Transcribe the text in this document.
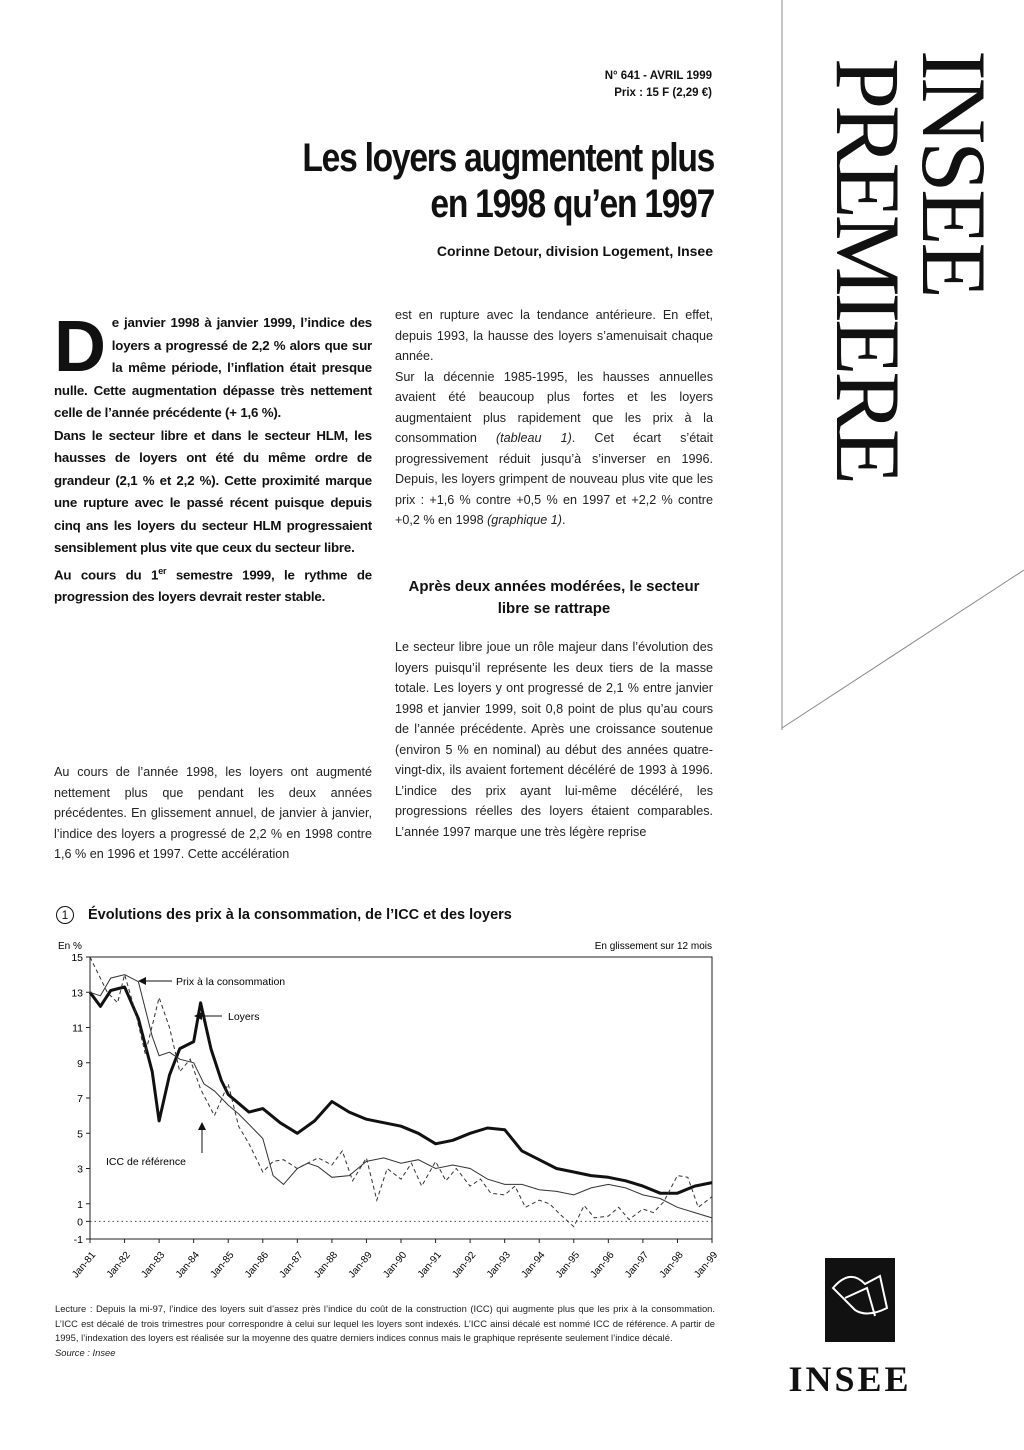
N° 641 - AVRIL 1999
Prix : 15 F (2,29 €) INSEE
PREMIERE
Les loyers augmentent plus
en 1998 qu’en 1997
Corinne Detour, division Logement, Insee
D e janvier 1998 à janvier 1999, l’indice des loyers a progressé de 2,2 % alors que sur la même période, l’inflation était presque nulle. Cette augmentation dépasse très nettement celle de l’année précédente (+ 1,6 %).

Dans le secteur libre et dans le secteur HLM, les hausses de loyers ont été du même ordre de grandeur (2,1 % et 2,2 %). Cette proximité marque une rupture avec le passé récent puisque depuis cinq ans les loyers du secteur HLM progressaient sensiblement plus vite que ceux du secteur libre.

Au cours du 1er semestre 1999, le rythme de progression des loyers devrait rester stable.

Au cours de l’année 1998, les loyers ont augmenté nettement plus que pendant les deux années précédentes. En glissement annuel, de janvier à janvier, l’indice des loyers a progressé de 2,2 % en 1998 contre 1,6 % en 1996 et 1997. Cette accélération

est en rupture avec la tendance antérieure. En effet, depuis 1993, la hausse des loyers s’amenuisait chaque année.

Sur la décennie 1985-1995, les hausses annuelles avaient été beaucoup plus fortes et les loyers augmentaient plus rapidement que les prix à la consommation (tableau 1). Cet écart s’était progressivement réduit jusqu’à s’inverser en 1996. Depuis, les loyers grimpent de nouveau plus vite que les prix : +1,6 % contre +0,5 % en 1997 et +2,2 % contre +0,2 % en 1998 (graphique 1).

Après deux années modérées, le secteur libre se rattrape
Le secteur libre joue un rôle majeur dans l’évolution des loyers puisqu’il représente les deux tiers de la masse totale. Les loyers y ont progressé de 2,1 % entre janvier 1998 et janvier 1999, soit 0,8 point de plus qu’au cours de l’année précédente. Après une croissance soutenue (environ 5 % en nominal) au début des années quatre-vingt-dix, ils avaient fortement décéléré de 1993 à 1996. L’indice des prix ayant lui-même décéléré, les progressions réelles des loyers étaient comparables. L’année 1997 marque une très légère reprise
1 Évolutions des prix à la consommation, de l’ICC et des loyers
En %	En glissement sur 12 mois
-1
0
1
3
5
7
9
11
13
15
Jan-81 Jan-82 Jan-83 Jan-84 Jan-85 Jan-86 Jan-87 Jan-88 Jan-89 Jan-90 Jan-91 Jan-92 Jan-93 Jan-94 Jan-95 Jan-96 Jan-97 Jan-98 Jan-99
Prix à la consommation
Loyers
ICC de référence
Lecture : Depuis la mi-97, l’indice des loyers suit d’assez près l’indice du coût de la construction (ICC) qui augmente plus que les prix à la consommation. L’ICC est décalé de trois trimestres pour correspondre à celui sur lequel les loyers sont indexés. L’ICC ainsi décalé est nommé ICC de référence. A partir de 1995, l’indexation des loyers est réalisée sur la moyenne des quatre derniers indices connus mais le graphique représente seulement l’indice décalé.
Source : Insee
INSEE
